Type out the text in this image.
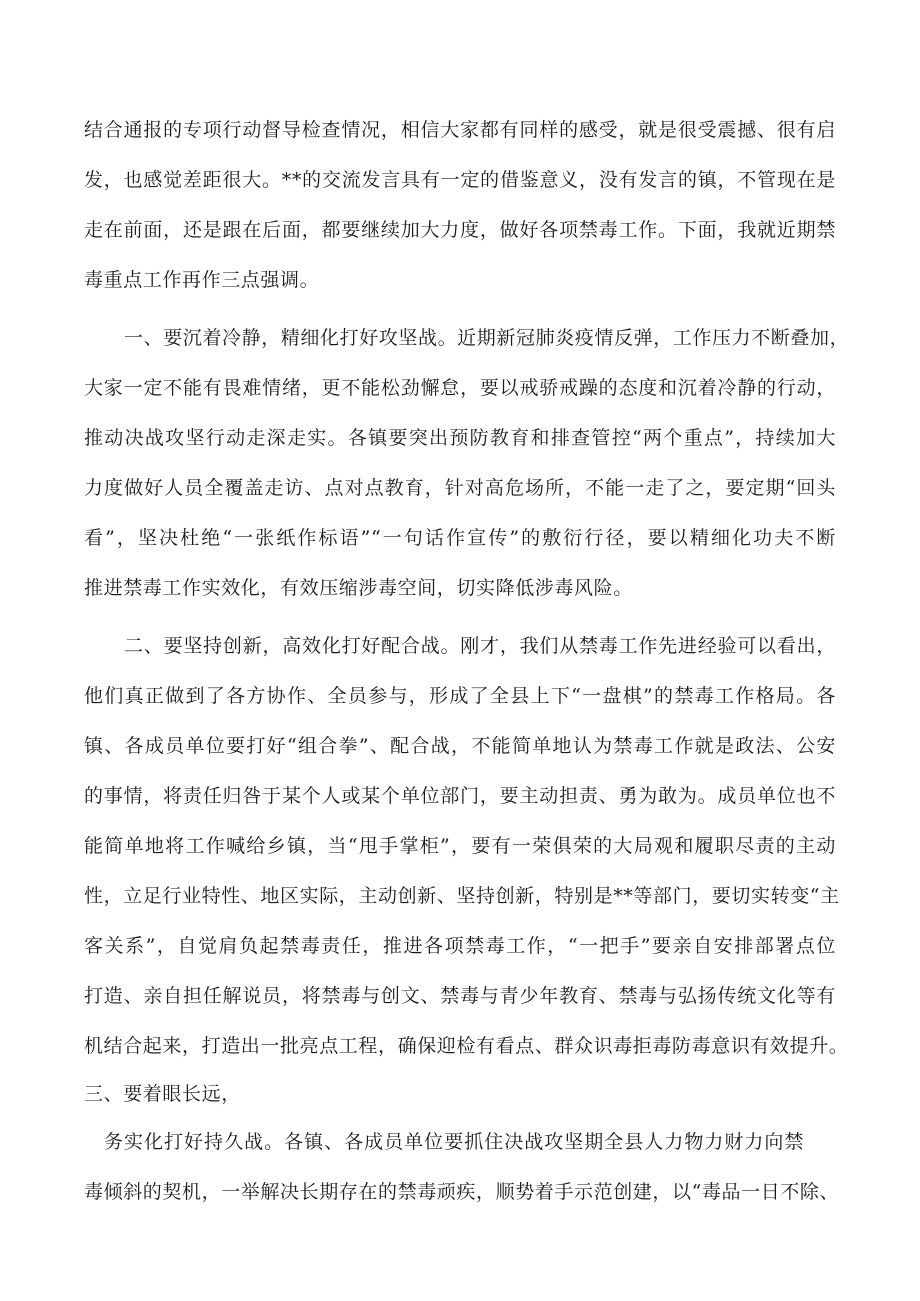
结合通报的专项行动督导检查情况，相信大家都有同样的感受，就是很受震撼、很有启
发，也感觉差距很大。**的交流发言具有一定的借鉴意义，没有发言的镇，不管现在是
走在前面，还是跟在后面，都要继续加大力度，做好各项禁毒工作。下面，我就近期禁
毒重点工作再作三点强调。
一、要沉着冷静，精细化打好攻坚战。近期新冠肺炎疫情反弹，工作压力不断叠加，
大家一定不能有畏难情绪，更不能松劲懈怠，要以戒骄戒躁的态度和沉着冷静的行动，
推动决战攻坚行动走深走实。各镇要突出预防教育和排查管控“两个重点”，持续加大
力度做好人员全覆盖走访、点对点教育，针对高危场所，不能一走了之，要定期“回头
看”，坚决杜绝“一张纸作标语”“一句话作宣传”的敷衍行径，要以精细化功夫不断
推进禁毒工作实效化，有效压缩涉毒空间，切实降低涉毒风险。
二、要坚持创新，高效化打好配合战。刚才，我们从禁毒工作先进经验可以看出，
他们真正做到了各方协作、全员参与，形成了全县上下“一盘棋”的禁毒工作格局。各
镇、各成员单位要打好“组合拳”、配合战，不能简单地认为禁毒工作就是政法、公安
的事情，将责任归咎于某个人或某个单位部门，要主动担责、勇为敢为。成员单位也不
能简单地将工作喊给乡镇，当“甩手掌柜”，要有一荣俱荣的大局观和履职尽责的主动
性，立足行业特性、地区实际，主动创新、坚持创新，特别是**等部门，要切实转变“主
客关系”，自觉肩负起禁毒责任，推进各项禁毒工作，“一把手”要亲自安排部署点位
打造、亲自担任解说员，将禁毒与创文、禁毒与青少年教育、禁毒与弘扬传统文化等有
机结合起来，打造出一批亮点工程，确保迎检有看点、群众识毒拒毒防毒意识有效提升。
三、要着眼长远，
务实化打好持久战。各镇、各成员单位要抓住决战攻坚期全县人力物力财力向禁
毒倾斜的契机，一举解决长期存在的禁毒顽疾，顺势着手示范创建，以“毒品一日不除、
